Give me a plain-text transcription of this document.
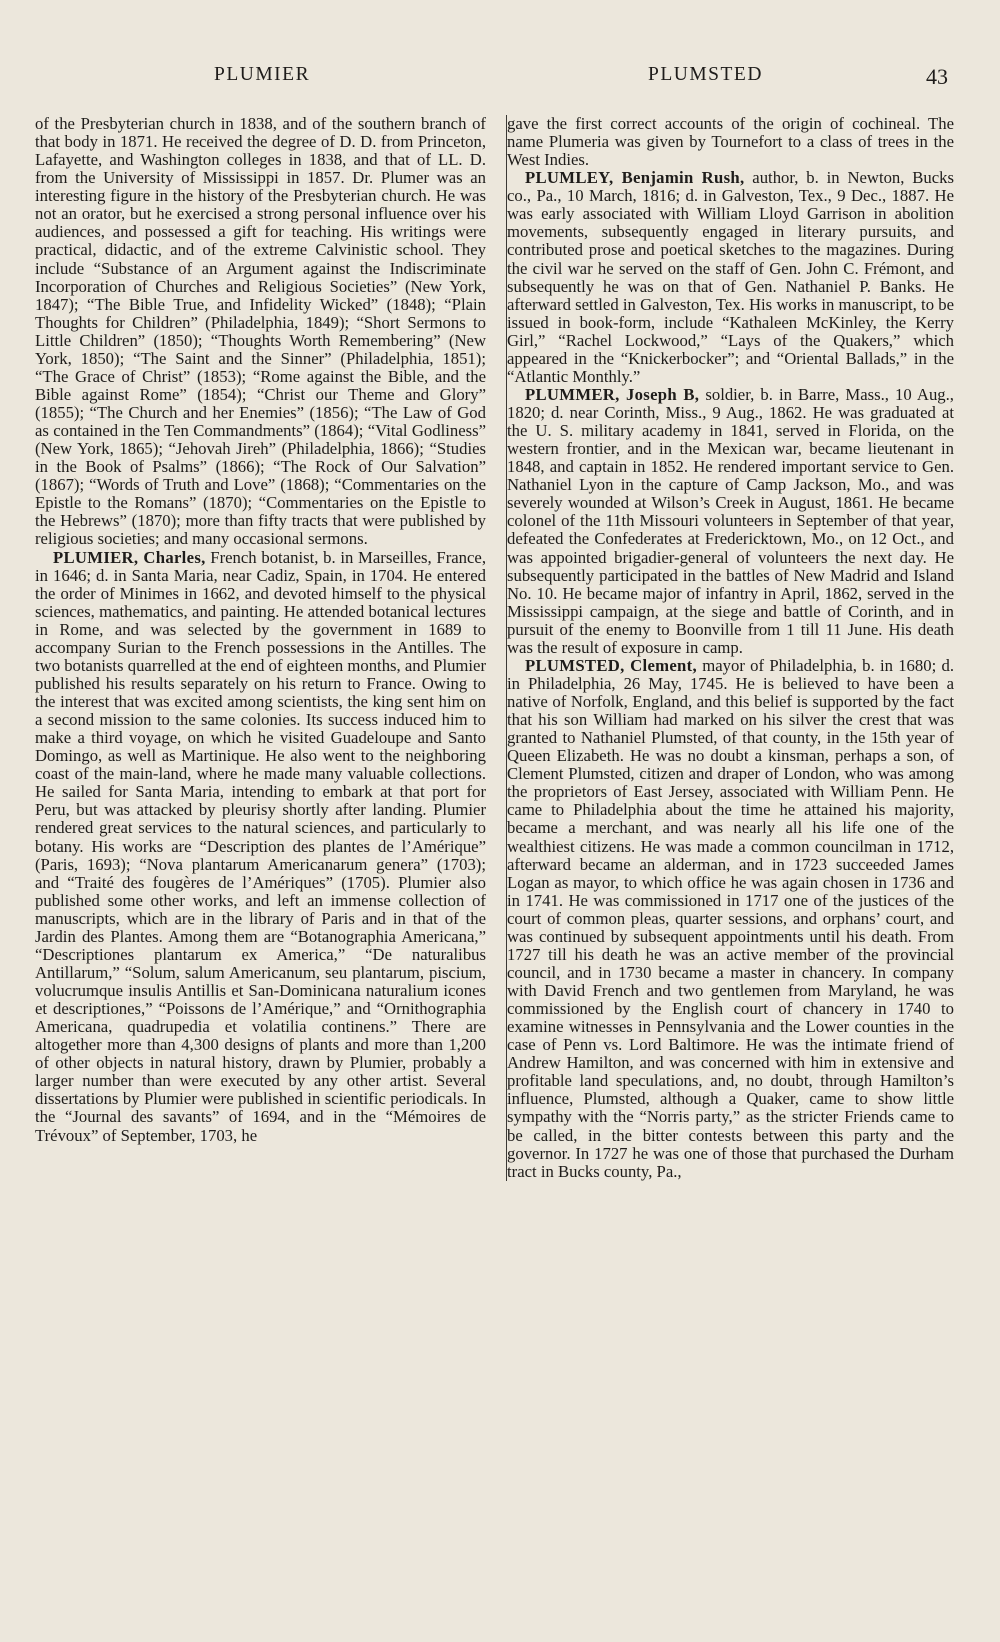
PLUMIER	PLUMSTED	43

of the Presbyterian church in 1838, and of the southern branch of that body in 1871. He received the degree of D. D. from Princeton, Lafayette, and Washington colleges in 1838, and that of LL. D. from the University of Mississippi in 1857. Dr. Plumer was an interesting figure in the history of the Presbyterian church. He was not an orator, but he exercised a strong personal influence over his audiences, and possessed a gift for teaching. His writings were practical, didactic, and of the extreme Calvinistic school. They include “Substance of an Argument against the Indiscriminate Incorporation of Churches and Religious Societies” (New York, 1847); “The Bible True, and Infidelity Wicked” (1848); “Plain Thoughts for Children” (Philadelphia, 1849); “Short Sermons to Little Children” (1850); “Thoughts Worth Remembering” (New York, 1850); “The Saint and the Sinner” (Philadelphia, 1851); “The Grace of Christ” (1853); “Rome against the Bible, and the Bible against Rome” (1854); “Christ our Theme and Glory” (1855); “The Church and her Enemies” (1856); “The Law of God as contained in the Ten Commandments” (1864); “Vital Godliness” (New York, 1865); “Jehovah Jireh” (Philadelphia, 1866); “Studies in the Book of Psalms” (1866); “The Rock of Our Salvation” (1867); “Words of Truth and Love” (1868); “Commentaries on the Epistle to the Romans” (1870); “Commentaries on the Epistle to the Hebrews” (1870); more than fifty tracts that were published by religious societies; and many occasional sermons.

PLUMIER, Charles, French botanist, b. in Marseilles, France, in 1646; d. in Santa Maria, near Cadiz, Spain, in 1704. He entered the order of Minimes in 1662, and devoted himself to the physical sciences, mathematics, and painting. He attended botanical lectures in Rome, and was selected by the government in 1689 to accompany Surian to the French possessions in the Antilles. The two botanists quarrelled at the end of eighteen months, and Plumier published his results separately on his return to France. Owing to the interest that was excited among scientists, the king sent him on a second mission to the same colonies. Its success induced him to make a third voyage, on which he visited Guadeloupe and Santo Domingo, as well as Martinique. He also went to the neighboring coast of the main-land, where he made many valuable collections. He sailed for Santa Maria, intending to embark at that port for Peru, but was attacked by pleurisy shortly after landing. Plumier rendered great services to the natural sciences, and particularly to botany. His works are “Description des plantes de l’Amérique” (Paris, 1693); “Nova plantarum Americanarum genera” (1703); and “Traité des fougères de l’Amériques” (1705). Plumier also published some other works, and left an immense collection of manuscripts, which are in the library of Paris and in that of the Jardin des Plantes. Among them are “Botanographia Americana,” “Descriptiones plantarum ex America,” “De naturalibus Antillarum,” “Solum, salum Americanum, seu plantarum, piscium, volucrumque insulis Antillis et San-Dominicana naturalium icones et descriptiones,” “Poissons de l’Amérique,” and “Ornithographia Americana, quadrupedia et volatilia continens.” There are altogether more than 4,300 designs of plants and more than 1,200 of other objects in natural history, drawn by Plumier, probably a larger number than were executed by any other artist. Several dissertations by Plumier were published in scientific periodicals. In the “Journal des savants” of 1694, and in the “Mémoires de Trévoux” of September, 1703, he

gave the first correct accounts of the origin of cochineal. The name Plumeria was given by Tournefort to a class of trees in the West Indies.

PLUMLEY, Benjamin Rush, author, b. in Newton, Bucks co., Pa., 10 March, 1816; d. in Galveston, Tex., 9 Dec., 1887. He was early associated with William Lloyd Garrison in abolition movements, subsequently engaged in literary pursuits, and contributed prose and poetical sketches to the magazines. During the civil war he served on the staff of Gen. John C. Frémont, and subsequently he was on that of Gen. Nathaniel P. Banks. He afterward settled in Galveston, Tex. His works in manuscript, to be issued in book-form, include “Kathaleen McKinley, the Kerry Girl,” “Rachel Lockwood,” “Lays of the Quakers,” which appeared in the “Knickerbocker”; and “Oriental Ballads,” in the “Atlantic Monthly.”

PLUMMER, Joseph B, soldier, b. in Barre, Mass., 10 Aug., 1820; d. near Corinth, Miss., 9 Aug., 1862. He was graduated at the U. S. military academy in 1841, served in Florida, on the western frontier, and in the Mexican war, became lieutenant in 1848, and captain in 1852. He rendered important service to Gen. Nathaniel Lyon in the capture of Camp Jackson, Mo., and was severely wounded at Wilson’s Creek in August, 1861. He became colonel of the 11th Missouri volunteers in September of that year, defeated the Confederates at Fredericktown, Mo., on 12 Oct., and was appointed brigadier-general of volunteers the next day. He subsequently participated in the battles of New Madrid and Island No. 10. He became major of infantry in April, 1862, served in the Mississippi campaign, at the siege and battle of Corinth, and in pursuit of the enemy to Boonville from 1 till 11 June. His death was the result of exposure in camp.

PLUMSTED, Clement, mayor of Philadelphia, b. in 1680; d. in Philadelphia, 26 May, 1745. He is believed to have been a native of Norfolk, England, and this belief is supported by the fact that his son William had marked on his silver the crest that was granted to Nathaniel Plumsted, of that county, in the 15th year of Queen Elizabeth. He was no doubt a kinsman, perhaps a son, of Clement Plumsted, citizen and draper of London, who was among the proprietors of East Jersey, associated with William Penn. He came to Philadelphia about the time he attained his majority, became a merchant, and was nearly all his life one of the wealthiest citizens. He was made a common councilman in 1712, afterward became an alderman, and in 1723 succeeded James Logan as mayor, to which office he was again chosen in 1736 and in 1741. He was commissioned in 1717 one of the justices of the court of common pleas, quarter sessions, and orphans’ court, and was continued by subsequent appointments until his death. From 1727 till his death he was an active member of the provincial council, and in 1730 became a master in chancery. In company with David French and two gentlemen from Maryland, he was commissioned by the English court of chancery in 1740 to examine witnesses in Pennsylvania and the Lower counties in the case of Penn vs. Lord Baltimore. He was the intimate friend of Andrew Hamilton, and was concerned with him in extensive and profitable land speculations, and, no doubt, through Hamilton’s influence, Plumsted, although a Quaker, came to show little sympathy with the “Norris party,” as the stricter Friends came to be called, in the bitter contests between this party and the governor. In 1727 he was one of those that purchased the Durham tract in Bucks county, Pa.,
